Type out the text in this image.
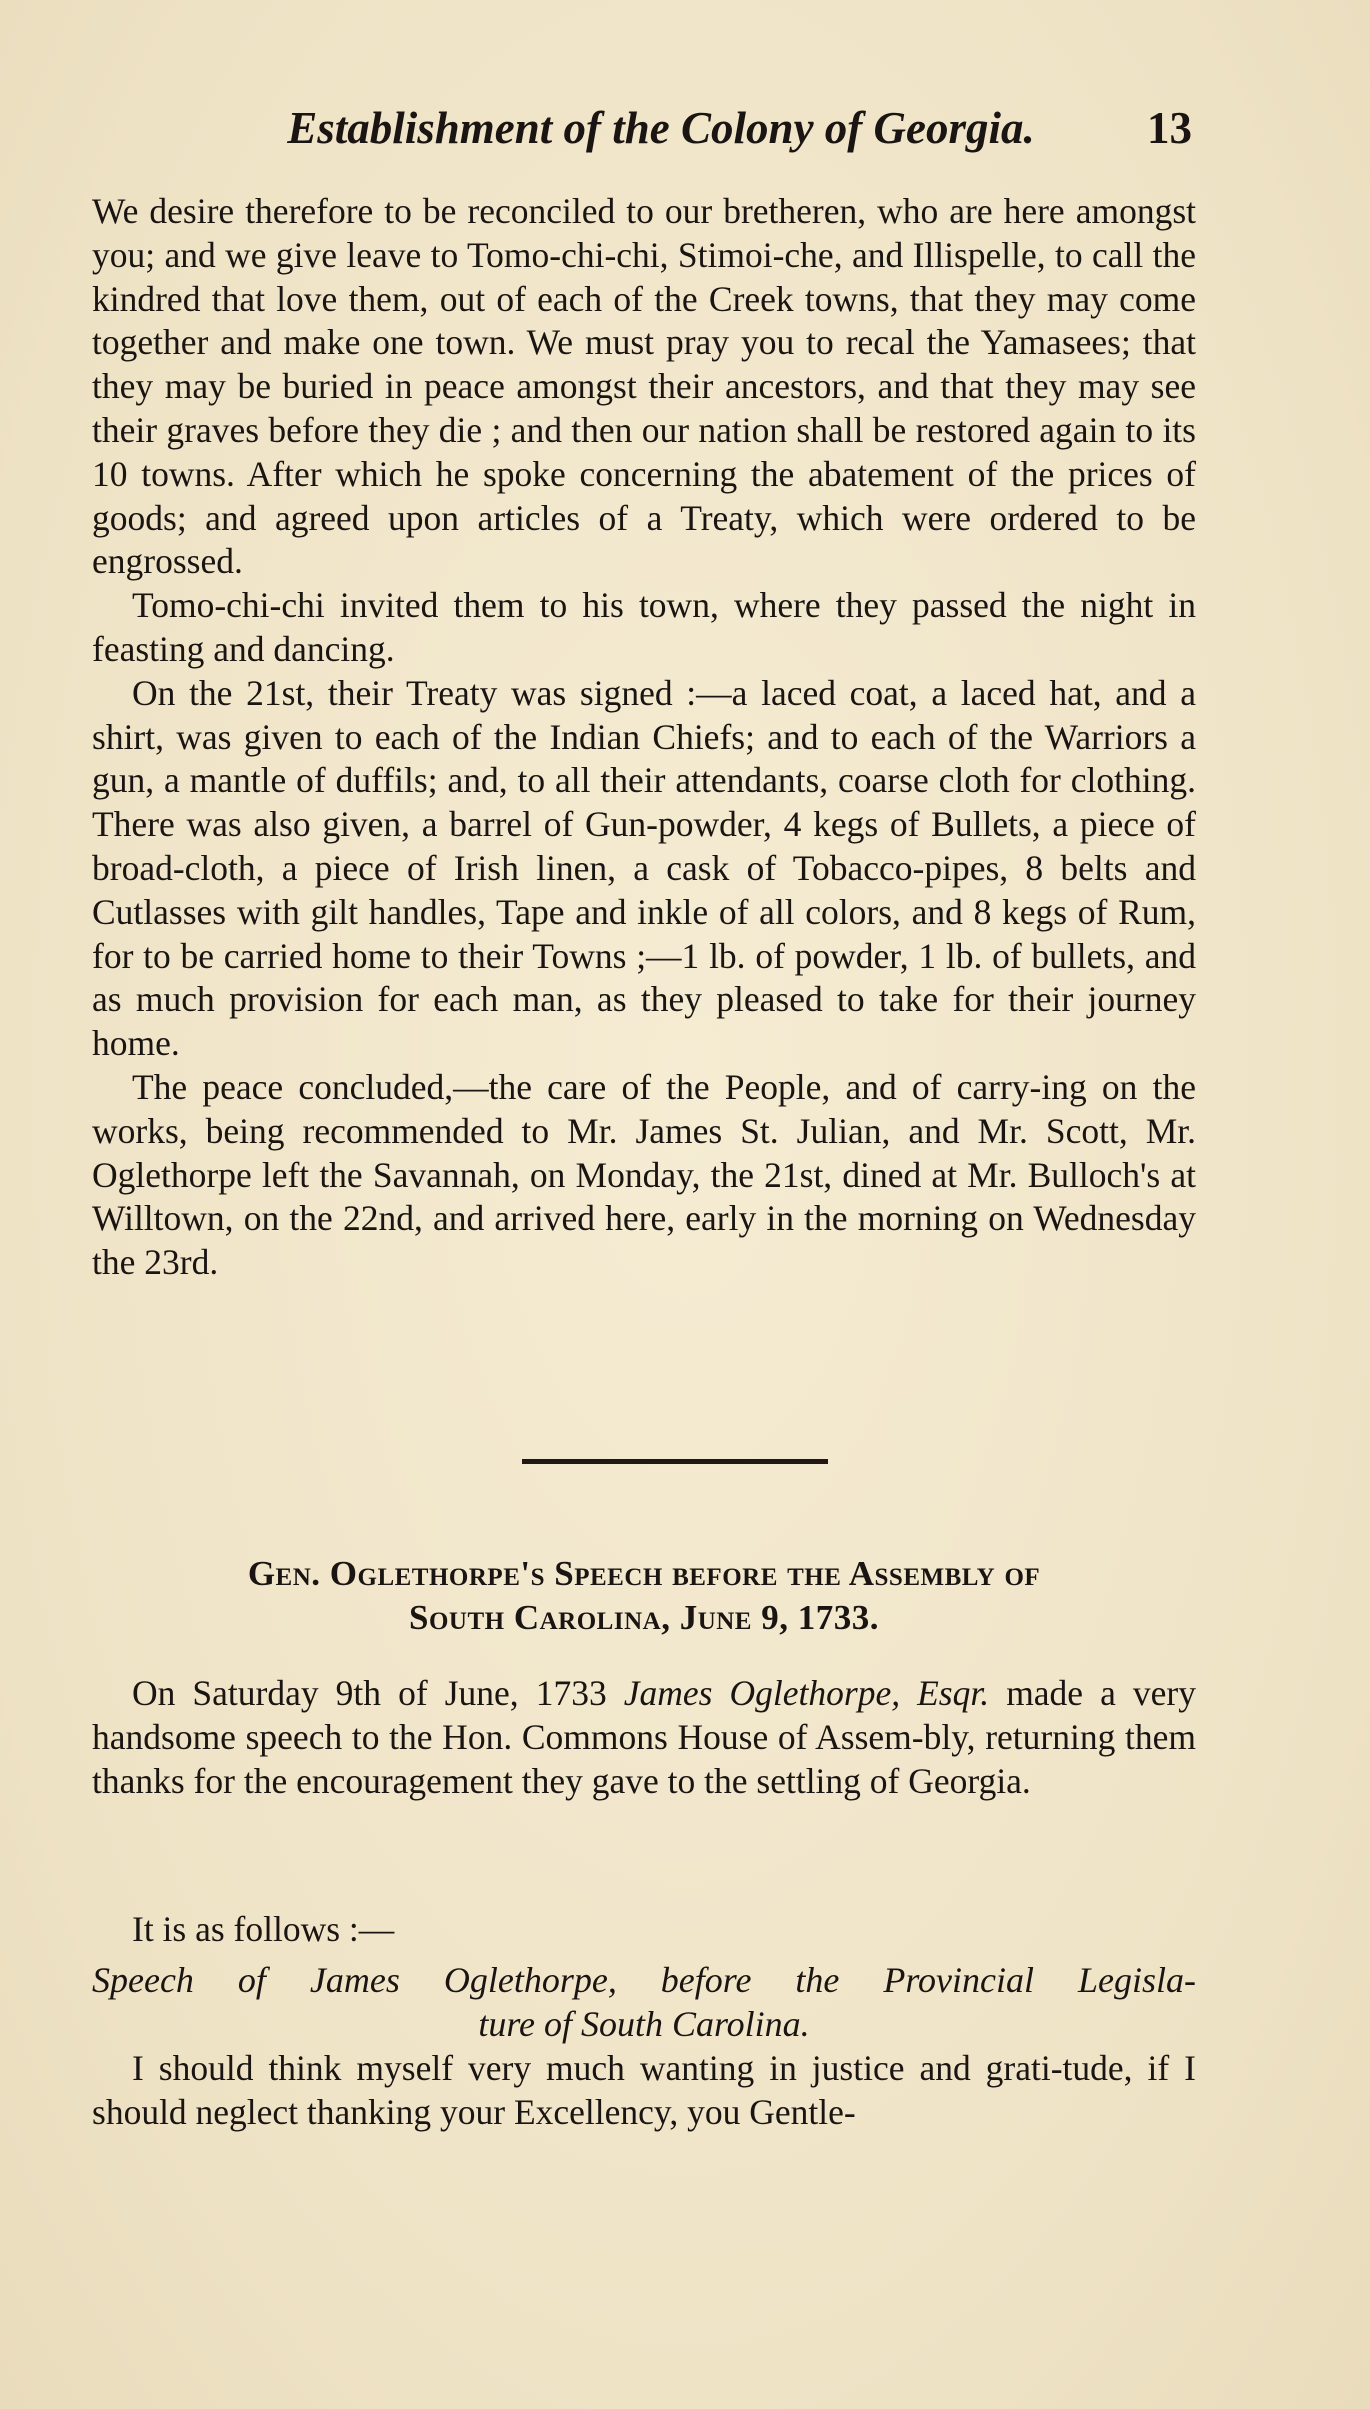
Establishment of the Colony of Georgia.	13

We desire therefore to be reconciled to our bretheren, who are here amongst you; and we give leave to Tomo-chi-chi, Stimoi-che, and Illispelle, to call the kindred that love them, out of each of the Creek towns, that they may come together and make one town. We must pray you to recal the Yamasees; that they may be buried in peace amongst their ancestors, and that they may see their graves before they die ; and then our nation shall be restored again to its 10 towns. After which he spoke concerning the abatement of the prices of goods; and agreed upon articles of a Treaty, which were ordered to be engrossed.

Tomo-chi-chi invited them to his town, where they passed the night in feasting and dancing.

On the 21st, their Treaty was signed :—a laced coat, a laced hat, and a shirt, was given to each of the Indian Chiefs; and to each of the Warriors a gun, a mantle of duffils; and, to all their attendants, coarse cloth for clothing. There was also given, a barrel of Gun-powder, 4 kegs of Bullets, a piece of broad-cloth, a piece of Irish linen, a cask of Tobacco-pipes, 8 belts and Cutlasses with gilt handles, Tape and inkle of all colors, and 8 kegs of Rum, for to be carried home to their Towns ;—1 lb. of powder, 1 lb. of bullets, and as much provision for each man, as they pleased to take for their journey home.

The peace concluded,—the care of the People, and of carry-ing on the works, being recommended to Mr. James St. Julian, and Mr. Scott, Mr. Oglethorpe left the Savannah, on Monday, the 21st, dined at Mr. Bulloch's at Willtown, on the 22nd, and arrived here, early in the morning on Wednesday the 23rd.

Gen. Oglethorpe's Speech before the Assembly of
South Carolina, June 9, 1733.

On Saturday 9th of June, 1733 James Oglethorpe, Esqr. made a very handsome speech to the Hon. Commons House of Assem-bly, returning them thanks for the encouragement they gave to the settling of Georgia.

It is as follows :—

Speech of James Oglethorpe, before the Provincial Legisla-
ture of South Carolina.

I should think myself very much wanting in justice and grati-tude, if I should neglect thanking your Excellency, you Gentle-
